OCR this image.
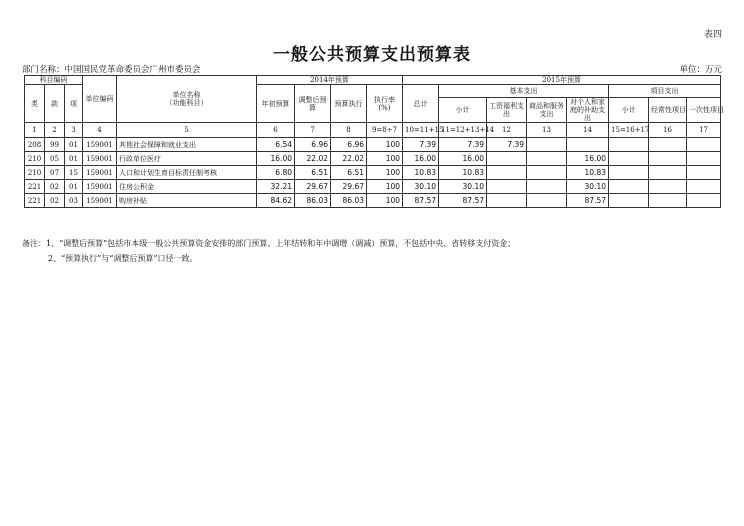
表四
一般公共预算支出预算表
部门名称：中国国民党革命委员会广州市委员会	单位：万元
科目编码			单位编码	单位名称
（功能科目）	2014年预算				2015年预算							
类	款	项			年初预算	调整后预算	预算执行	执行率(%)	总计	基本支出				项目支出		
										小计	工资福利支出	商品和服务支出	对个人和家庭的补助支出	小计	经常性项目	一次性项目
1	2	3	4	5	6	7	8	9=8÷7	10=11+15	11=12+13+14	12	13	14	15=16+17	16	17
208	99	01	159001	其他社会保障和就业支出	6.54	6.96	6.96	100	7.39	7.39	7.39					
210	05	01	159001	行政单位医疗	16.00	22.02	22.02	100	16.00	16.00			16.00			
210	07	15	159001	人口和计划生育目标责任制考核	6.80	6.51	6.51	100	10.83	10.83			10.83			
221	02	01	159001	住房公积金	32.21	29.67	29.67	100	30.10	30.10			30.10			
221	02	03	159001	购房补贴	84.62	86.03	86.03	100	87.57	87.57			87.57			
备注：1、“调整后预算”包括市本级一般公共预算资金安排的部门预算、上年结转和年中调增（调减）预算，不包括中央、省转移支付资金；
2、“预算执行”与“调整后预算”口径一致。
